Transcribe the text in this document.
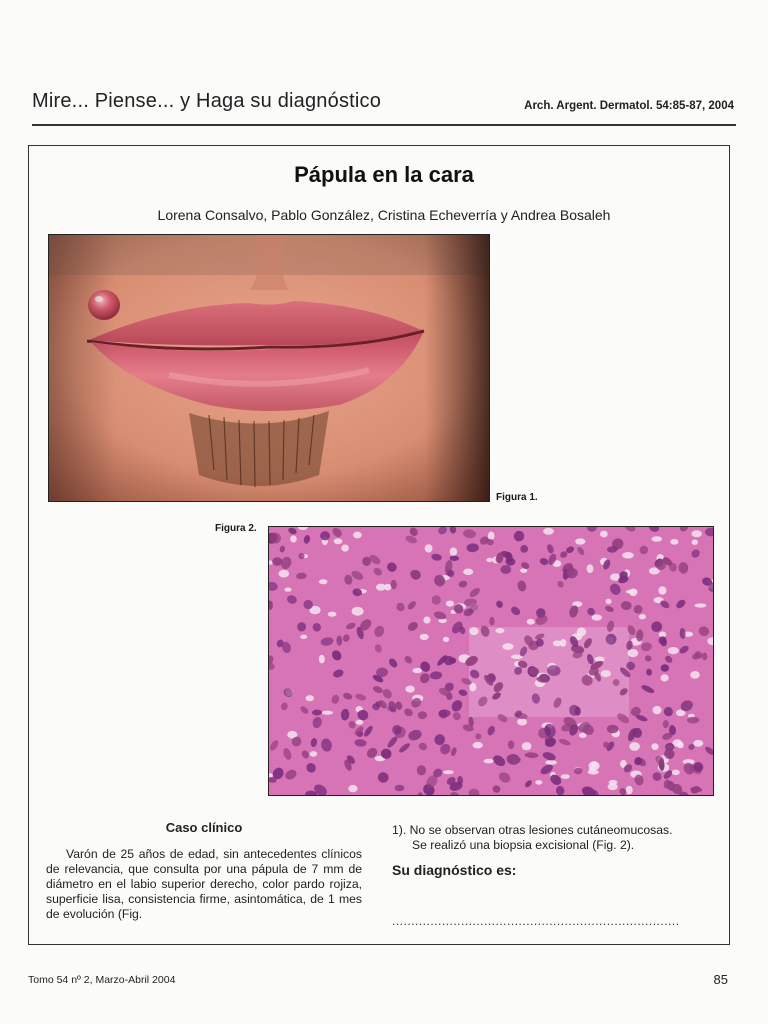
Mire... Piense... y Haga su diagnóstico	Arch. Argent. Dermatol. 54:85-87, 2004
Pápula en la cara
Lorena Consalvo, Pablo González, Cristina Echeverría y Andrea Bosaleh
Figura 1.
Figura 2.
Caso clínico

Varón de 25 años de edad, sin antecedentes clínicos de relevancia, que consulta por una pápula de 7 mm de diámetro en el labio superior derecho, color pardo rojiza, superficie lisa, consistencia firme, asintomática, de 1 mes de evolución (Fig.

1). No se observan otras lesiones cutáneomucosas.

Se realizó una biopsia excisional (Fig. 2).

Su diagnóstico es:

...........................................................................
Tomo 54 nº 2, Marzo-Abril 2004	85
